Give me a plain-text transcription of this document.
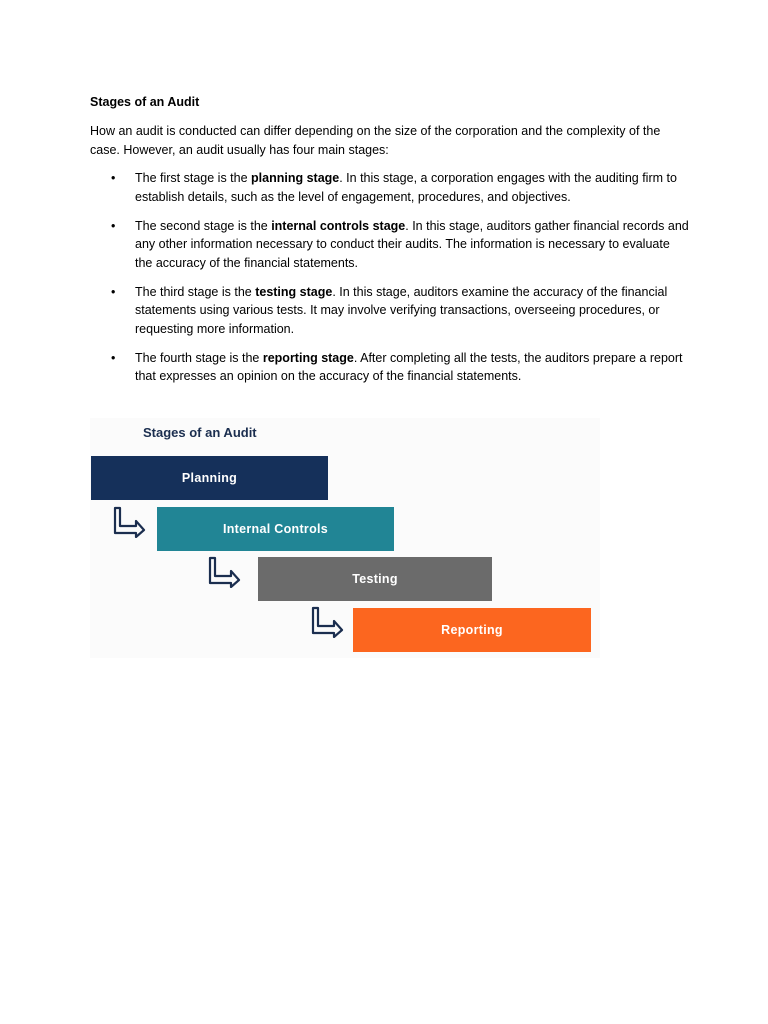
Stages of an Audit

How an audit is conducted can differ depending on the size of the corporation and the complexity of the case. However, an audit usually has four main stages:

• The first stage is the planning stage. In this stage, a corporation engages with the auditing firm to establish details, such as the level of engagement, procedures, and objectives.
• The second stage is the internal controls stage. In this stage, auditors gather financial records and any other information necessary to conduct their audits. The information is necessary to evaluate the accuracy of the financial statements.
• The third stage is the testing stage. In this stage, auditors examine the accuracy of the financial statements using various tests. It may involve verifying transactions, overseeing procedures, or requesting more information.
• The fourth stage is the reporting stage. After completing all the tests, the auditors prepare a report that expresses an opinion on the accuracy of the financial statements.
Stages of an Audit
Planning
Internal Controls
Testing
Reporting
